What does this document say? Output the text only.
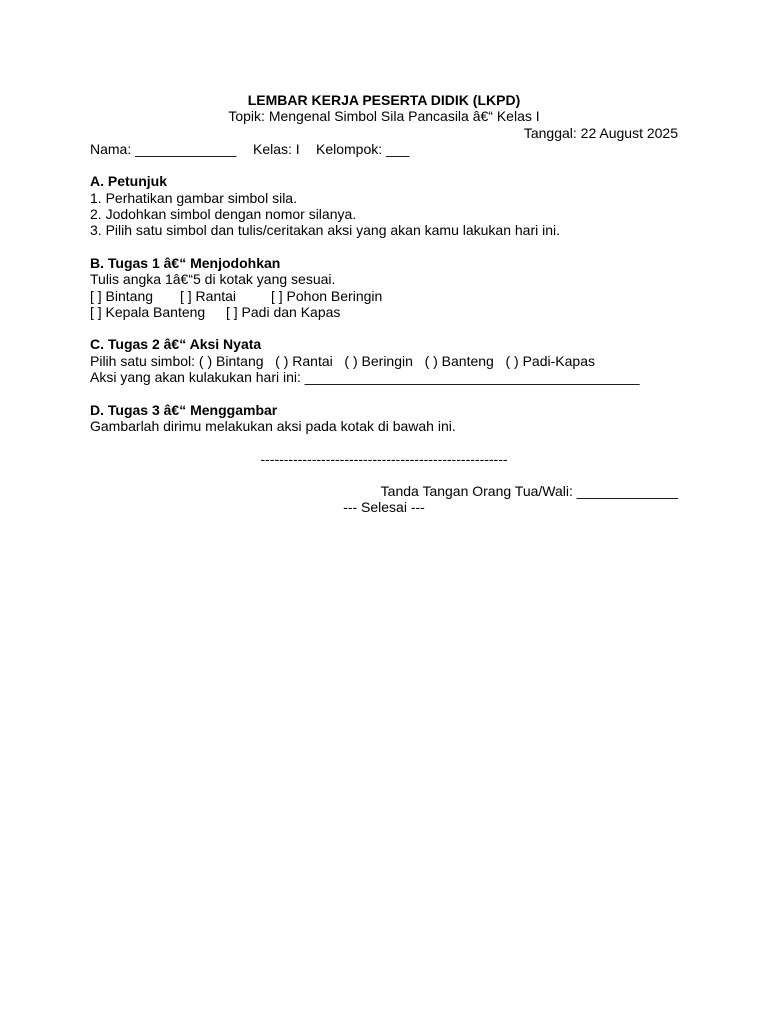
LEMBAR KERJA PESERTA DIDIK (LKPD)
Topik: Mengenal Simbol Sila Pancasila â€“ Kelas I
Tanggal: 22 August 2025
Nama: _____________	Kelas: I	Kelompok: ___
A. Petunjuk
1. Perhatikan gambar simbol sila.
2. Jodohkan simbol dengan nomor silanya.
3. Pilih satu simbol dan tulis/ceritakan aksi yang akan kamu lakukan hari ini.
B. Tugas 1 â€“ Menjodohkan
Tulis angka 1â€“5 di kotak yang sesuai.
[ ] Bintang	[ ] Rantai	[ ] Pohon Beringin
[ ] Kepala Banteng	[ ] Padi dan Kapas
C. Tugas 2 â€“ Aksi Nyata
Pilih satu simbol: ( ) Bintang   ( ) Rantai   ( ) Beringin   ( ) Banteng   ( ) Padi-Kapas
Aksi yang akan kulakukan hari ini: ___________________________________________
D. Tugas 3 â€“ Menggambar
Gambarlah dirimu melakukan aksi pada kotak di bawah ini.
-----------------------------------------------------
Tanda Tangan Orang Tua/Wali: _____________
--- Selesai ---
